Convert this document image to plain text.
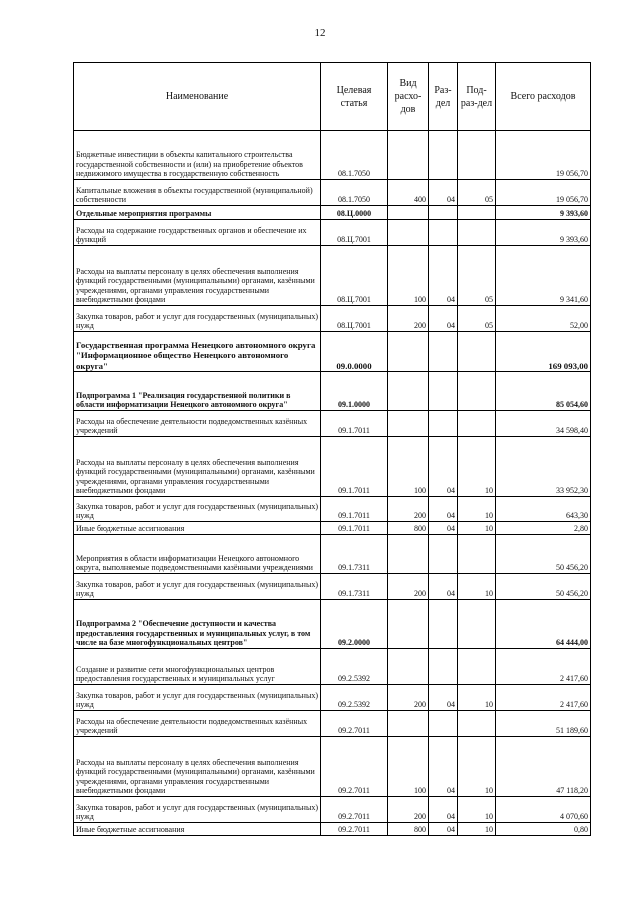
12
Наименование	Целевая статья	Вид расхо-дов	Раз-дел	Под-раз-дел	Всего расходов
Бюджетные инвестиции в объекты капитального строительства государственной собственности и (или) на приобретение объектов недвижимого имущества в государственную собственность	08.1.7050				19 056,70
Капитальные вложения в объекты государственной (муниципальной) собственности	08.1.7050	400	04	05	19 056,70
Отдельные мероприятия программы	08.Ц.0000				9 393,60
Расходы на содержание государственных органов и обеспечение их функций	08.Ц.7001				9 393,60
Расходы на выплаты персоналу в целях обеспечения выполнения функций государственными (муниципальными) органами, казёнными учреждениями, органами управления государственными внебюджетными фондами	08.Ц.7001	100	04	05	9 341,60
Закупка товаров, работ и услуг для государственных (муниципальных) нужд	08.Ц.7001	200	04	05	52,00
Государственная программа Ненецкого автономного округа "Информационное общество Ненецкого автономного округа"	09.0.0000				169 093,00
Подпрограмма 1 "Реализация государственной политики в области информатизации Ненецкого автономного округа"	09.1.0000				85 054,60
Расходы на обеспечение деятельности подведомственных казённых учреждений	09.1.7011				34 598,40
Расходы на выплаты персоналу в целях обеспечения выполнения функций государственными (муниципальными) органами, казёнными учреждениями, органами управления государственными внебюджетными фондами	09.1.7011	100	04	10	33 952,30
Закупка товаров, работ и услуг для государственных (муниципальных) нужд	09.1.7011	200	04	10	643,30
Иные бюджетные ассигнования	09.1.7011	800	04	10	2,80
Мероприятия в области информатизации Ненецкого автономного округа, выполняемые подведомственными казёнными учреждениями	09.1.7311				50 456,20
Закупка товаров, работ и услуг для государственных (муниципальных) нужд	09.1.7311	200	04	10	50 456,20
Подпрограмма 2 "Обеспечение доступности и качества предоставления государственных и муниципальных услуг, в том числе на базе многофункциональных центров"	09.2.0000				64 444,00
Создание и развитие сети многофункциональных центров предоставления государственных и муниципальных услуг	09.2.5392				2 417,60
Закупка товаров, работ и услуг для государственных (муниципальных) нужд	09.2.5392	200	04	10	2 417,60
Расходы на обеспечение деятельности подведомственных казённых учреждений	09.2.7011				51 189,60
Расходы на выплаты персоналу в целях обеспечения выполнения функций государственными (муниципальными) органами, казёнными учреждениями, органами управления государственными внебюджетными фондами	09.2.7011	100	04	10	47 118,20
Закупка товаров, работ и услуг для государственных (муниципальных) нужд	09.2.7011	200	04	10	4 070,60
Иные бюджетные ассигнования	09.2.7011	800	04	10	0,80
